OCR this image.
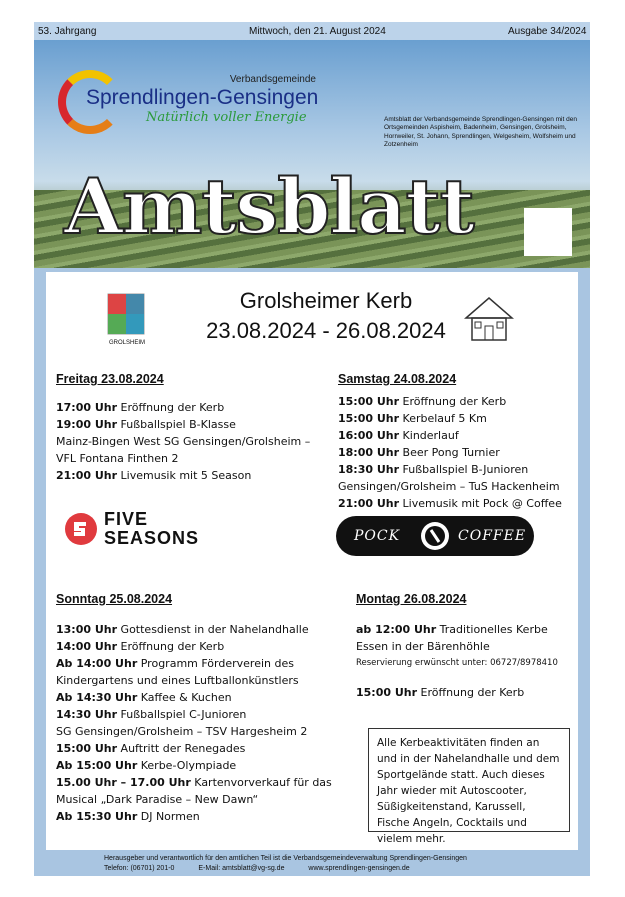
53. Jahrgang	Mittwoch, den 21. August 2024	Ausgabe 34/2024
Verbandsgemeinde
Sprendlingen-Gensingen
Natürlich voller Energie	Amtsblatt der Verbandsgemeinde Sprendlingen-Gensingen mit den Ortsgemeinden Aspisheim, Badenheim, Gensingen, Grolsheim, Horrweiler, St. Johann, Sprendlingen, Welgesheim, Wolfsheim und Zotzenheim
Amtsblatt
GROLSHEIM
Grolsheimer Kerb
23.08.2024 - 26.08.2024
Freitag 23.08.2024

17:00 Uhr Eröffnung der Kerb

19:00 Uhr Fußballspiel B-Klasse

Mainz-Bingen West SG Gensingen/Grolsheim –

VFL Fontana Finthen 2

21:00 Uhr Livemusik mit 5 Season

FIVE SEASONS
Samstag 24.08.2024

15:00 Uhr Eröffnung der Kerb

15:00 Uhr Kerbelauf 5 Km

16:00 Uhr Kinderlauf

18:00 Uhr Beer Pong Turnier

18:30 Uhr Fußballspiel B-Junioren

Gensingen/Grolsheim – TuS Hackenheim

21:00 Uhr Livemusik mit Pock @ Coffee

POCK	COFFEE
Sonntag 25.08.2024

13:00 Uhr Gottesdienst in der Nahelandhalle

14:00 Uhr Eröffnung der Kerb

Ab 14:00 Uhr Programm Förderverein des

Kindergartens und eines Luftballonkünstlers

Ab 14:30 Uhr Kaffee & Kuchen

14:30 Uhr Fußballspiel C-Junioren

SG Gensingen/Grolsheim – TSV Hargesheim 2

15:00 Uhr Auftritt der Renegades

Ab 15:00 Uhr Kerbe-Olympiade

15.00 Uhr – 17.00 Uhr Kartenvorverkauf für das

Musical „Dark Paradise – New Dawn“

Ab 15:30 Uhr DJ Normen

Montag 26.08.2024

ab 12:00 Uhr Traditionelles Kerbe

Essen in der Bärenhöhle

Reservierung erwünscht unter: 06727/8978410

15:00 Uhr Eröffnung der Kerb

Alle Kerbeaktivitäten finden an und in der Nahelandhalle und dem Sportgelände statt. Auch dieses Jahr wieder mit Autoscooter, Süßigkeitenstand, Karussell, Fische Angeln, Cocktails und vielem mehr.
Herausgeber und verantwortlich für den amtlichen Teil ist die Verbandsgemeindeverwaltung Sprendlingen-Gensingen
Telefon: (06701) 201-0	E-Mail: amtsblatt@vg-sg.de	www.sprendlingen-gensingen.de
